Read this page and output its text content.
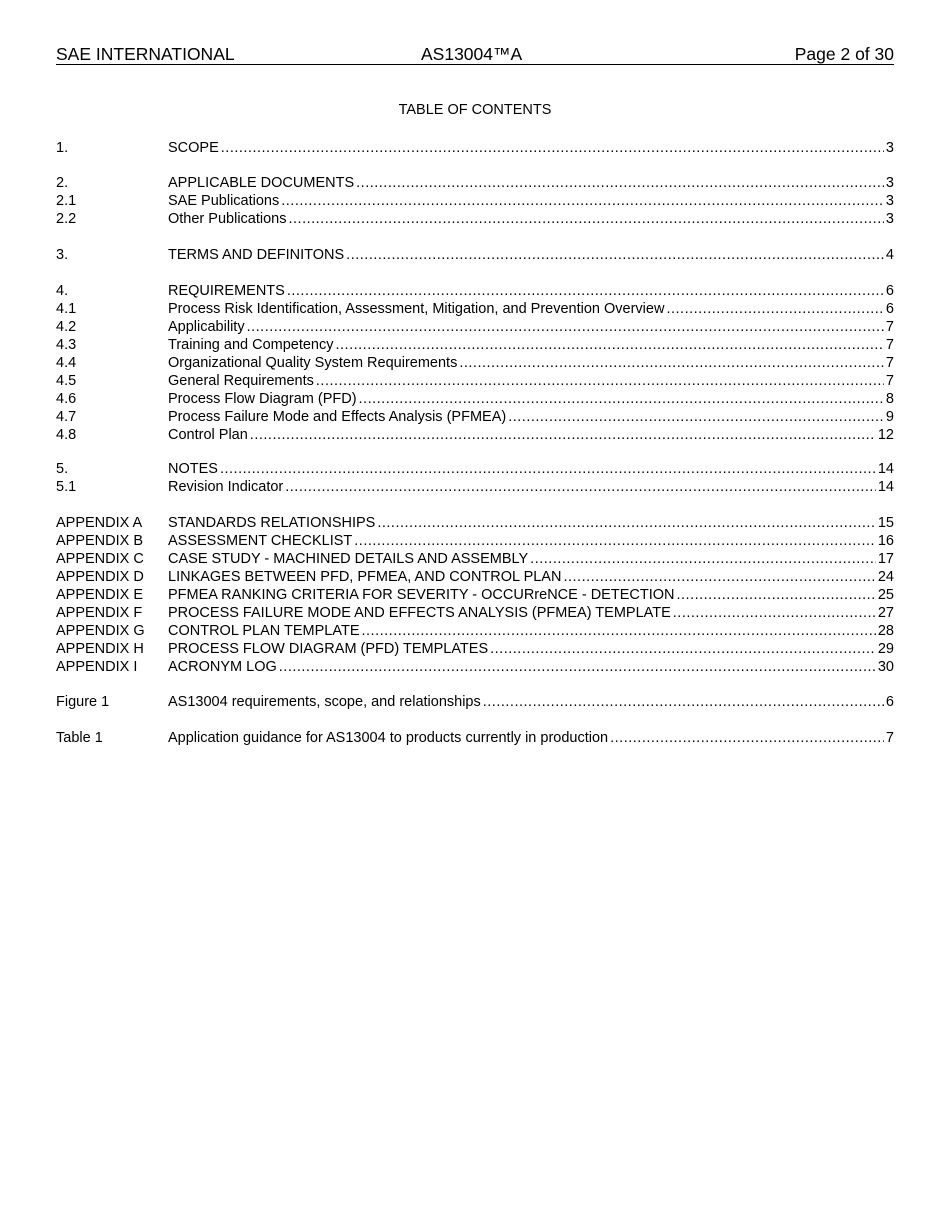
SAE INTERNATIONAL	AS13004™A	Page 2 of 30
TABLE OF CONTENTS
1.	SCOPE .....	3
2.	APPLICABLE DOCUMENTS .....	3
2.1	SAE Publications .....	3
2.2	Other Publications .....	3
3.	TERMS AND DEFINITONS .....	4
4.	REQUIREMENTS .....	6
4.1	Process Risk Identification, Assessment, Mitigation, and Prevention Overview .....	6
4.2	Applicability .....	7
4.3	Training and Competency .....	7
4.4	Organizational Quality System Requirements .....	7
4.5	General Requirements .....	7
4.6	Process Flow Diagram (PFD) .....	8
4.7	Process Failure Mode and Effects Analysis (PFMEA) .....	9
4.8	Control Plan .....	12
5.	NOTES .....	14
5.1	Revision Indicator .....	14
APPENDIX A STANDARDS RELATIONSHIPS .....	15
APPENDIX B ASSESSMENT CHECKLIST .....	16
APPENDIX C CASE STUDY - MACHINED DETAILS AND ASSEMBLY .....	17
APPENDIX D LINKAGES BETWEEN PFD, PFMEA, AND CONTROL PLAN .....	24
APPENDIX E PFMEA RANKING CRITERIA FOR SEVERITY - OCCURreNCE - DETECTION .....	25
APPENDIX F PROCESS FAILURE MODE AND EFFECTS ANALYSIS (PFMEA) TEMPLATE .....	27
APPENDIX G CONTROL PLAN TEMPLATE .....	28
APPENDIX H PROCESS FLOW DIAGRAM (PFD) TEMPLATES .....	29
APPENDIX I ACRONYM LOG .....	30
Figure 1	AS13004 requirements, scope, and relationships .....	6
Table 1	Application guidance for AS13004 to products currently in production .....	7
